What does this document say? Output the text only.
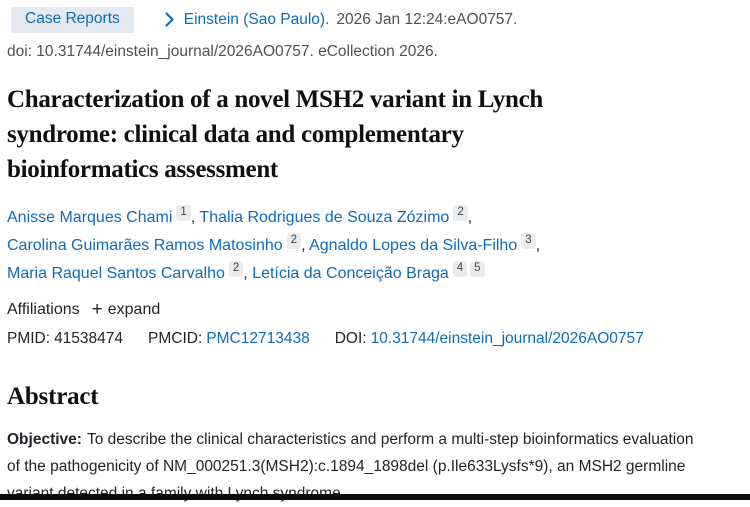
Case Reports	Einstein (Sao Paulo). 2026 Jan 12:24:eAO0757.
doi: 10.31744/einstein_journal/2026AO0757. eCollection 2026.
Characterization of a novel MSH2 variant in Lynch
syndrome: clinical data and complementary
bioinformatics assessment
Anisse Marques Chami 1 , Thalia Rodrigues de Souza Zózimo 2 ,
Carolina Guimarães Ramos Matosinho 2 , Agnaldo Lopes da Silva-Filho 3 ,
Maria Raquel Santos Carvalho 2 , Letícia da Conceição Braga 4 5
Affiliations + expand
PMID: 41538474 PMCID: PMC12713438 DOI: 10.31744/einstein_journal/2026AO0757
Abstract
Objective: To describe the clinical characteristics and perform a multi-step bioinformatics evaluation
of the pathogenicity of NM_000251.3(MSH2):c.1894_1898del (p.Ile633Lysfs*9), an MSH2 germline
